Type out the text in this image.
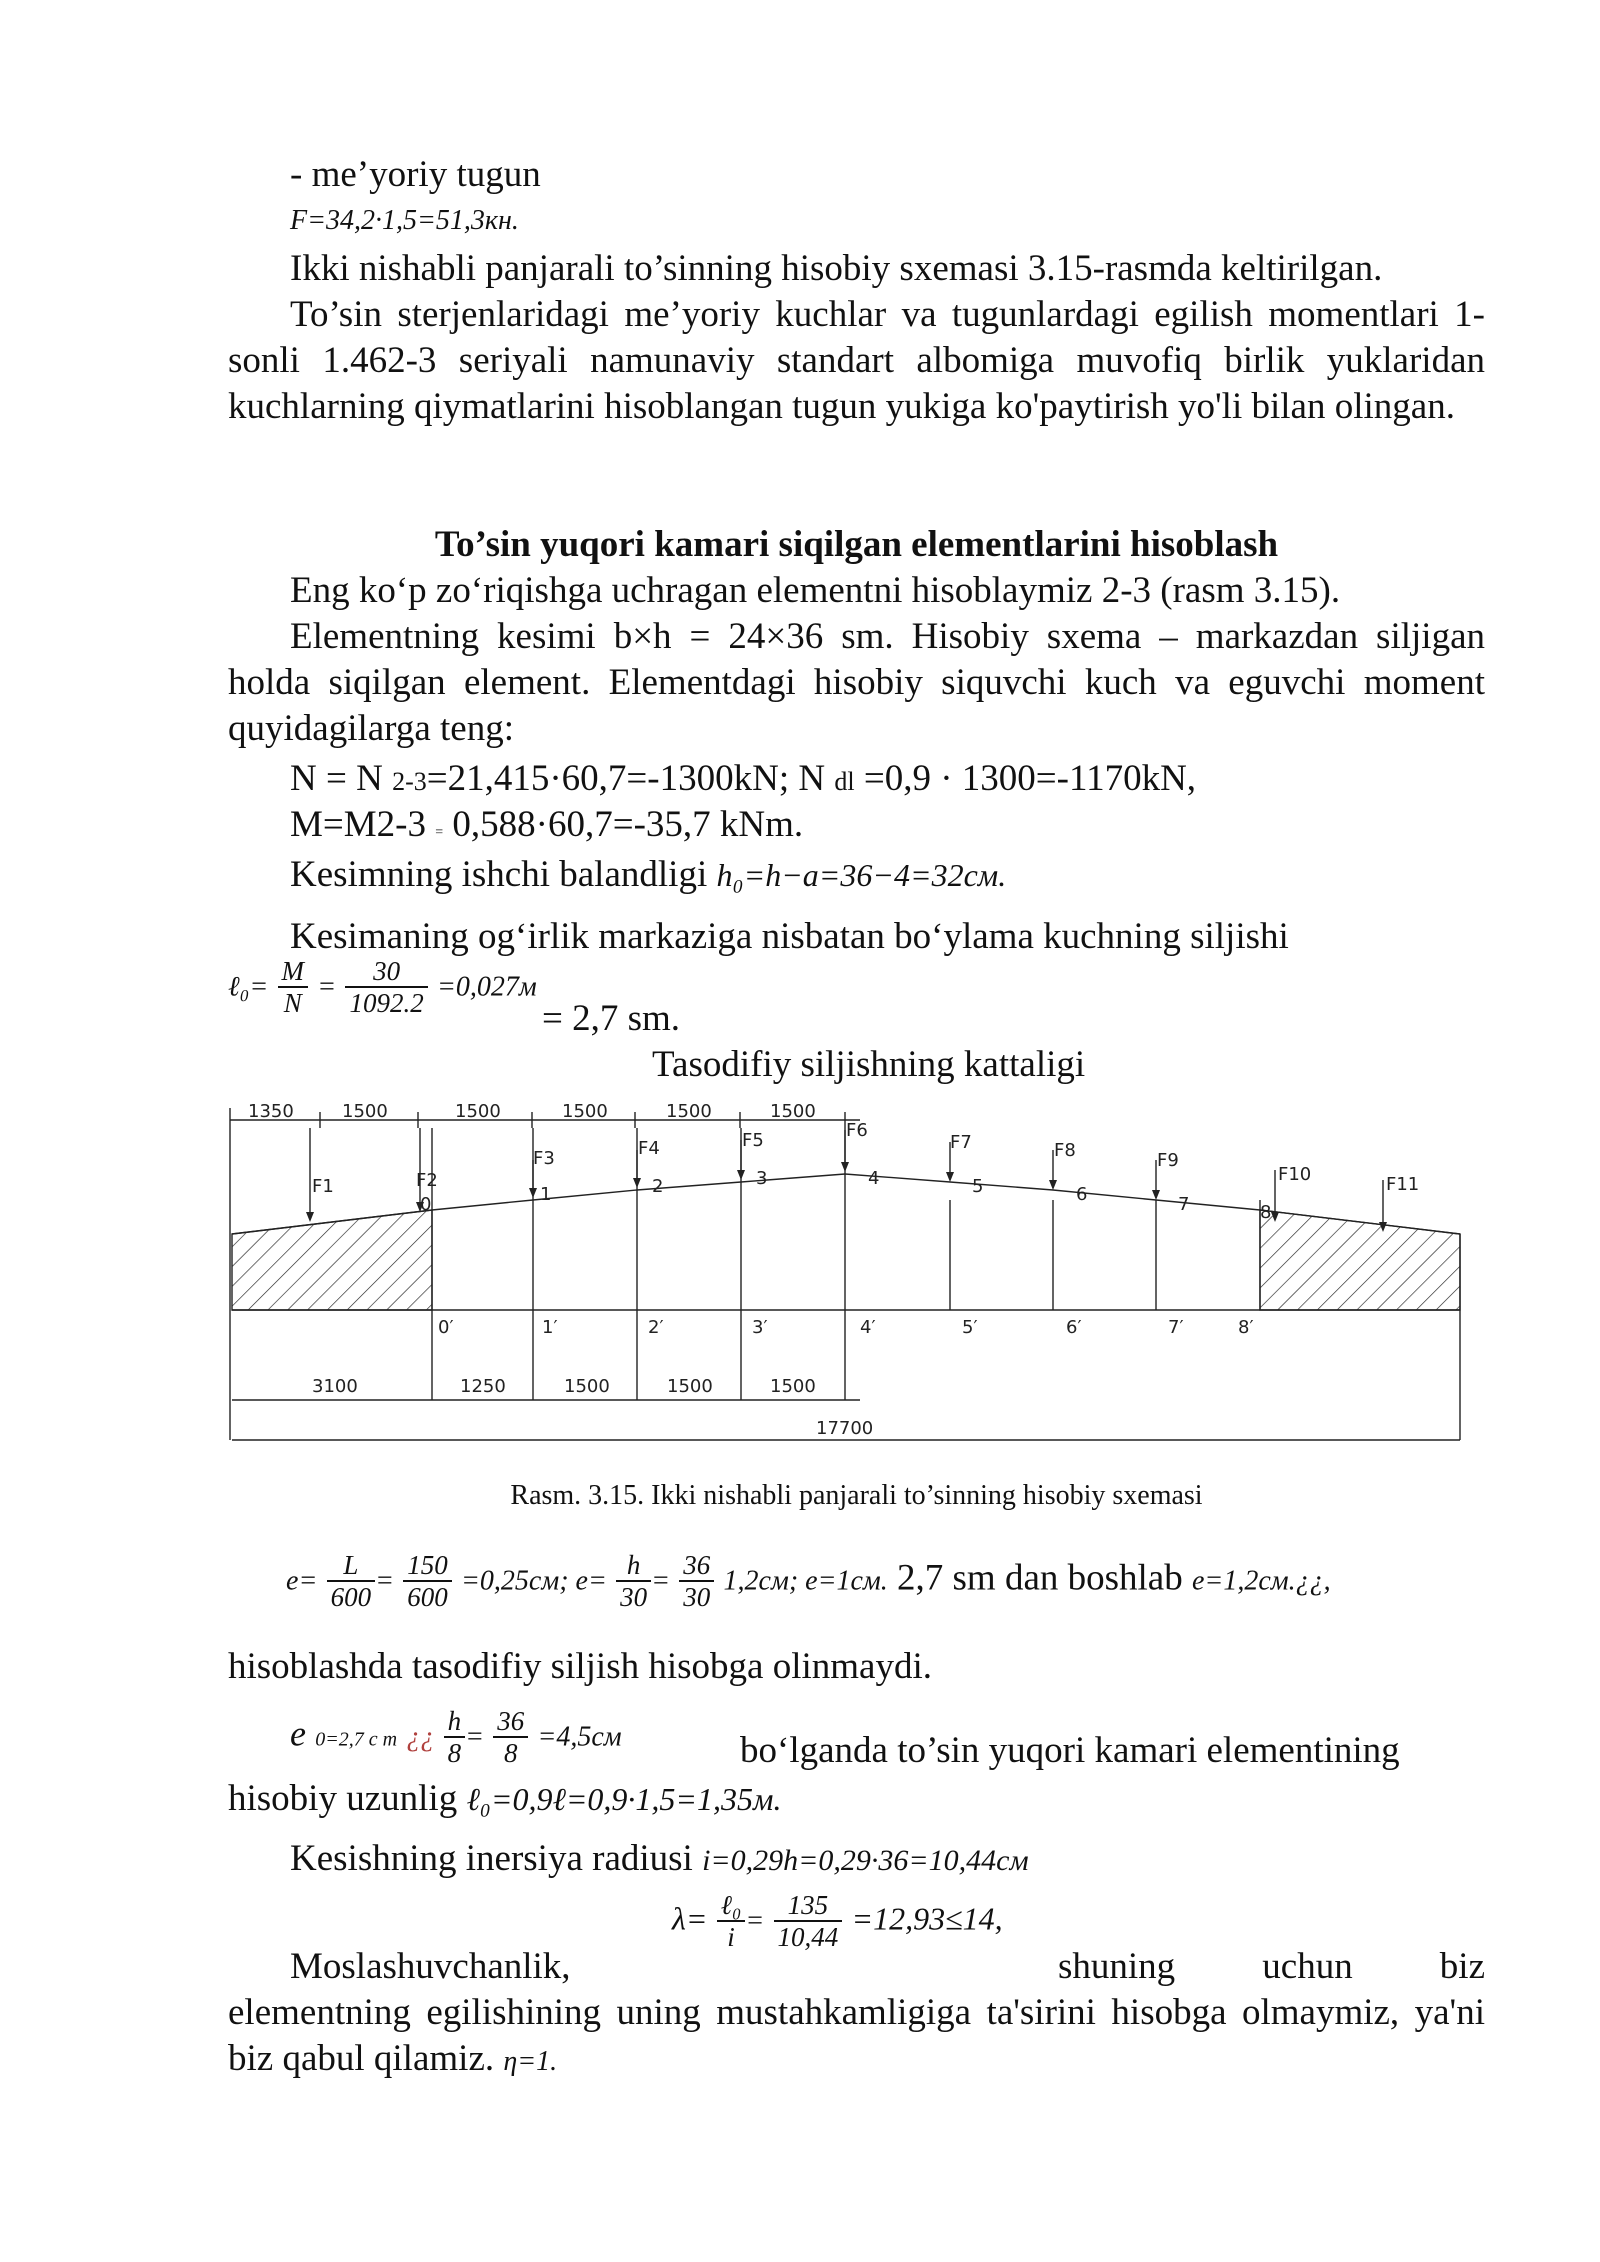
- me’yoriy tugun
F=34,2·1,5=51,3кн.
Ikki nishabli panjarali to’sinning hisobiy sxemasi 3.15-rasmda keltirilgan.
To’sin sterjenlaridagi me’yoriy kuchlar va tugunlardagi egilish momentlari 1-sonli 1.462-3 seriyali namunaviy standart albomiga muvofiq birlik yuklaridan kuchlarning qiymatlarini hisoblangan tugun yukiga ko'paytirish yo'li bilan olingan.
To’sin yuqori kamari siqilgan elementlarini hisoblash
Eng ko‘p zo‘riqishga uchragan elementni hisoblaymiz 2-3 (rasm 3.15).
Elementning kesimi b×h = 24×36 sm. Hisobiy sxema – markazdan siljigan holda siqilgan element. Elementdagi hisobiy siquvchi kuch va eguvchi moment quyidagilarga teng:
N = N 2-3=21,415·60,7=-1300kN; N dl =0,9 · 1300=-1170kN,
M=M2-3 = 0,588·60,7=-35,7 kNm.
Kesimning ishchi balandligi h₀=h−a=36−4=32см.
Kesimaning og‘irlik markaziga nisbatan bo‘ylama kuchning siljishi
ℓ₀= $\frac{M}{N} = \frac{30}{1092.2} =0,027м$
= 2,7 sm.
Tasodifiy siljishning kattaligi
1350	1500	1500	1500	1500	1500
F1	F2
F3	F4	F5	F6
F7	F8	F9
F10	F11
0	1	2	3	4	5	6	7	8
0′	1′	2′	3′	4′	5′	6′	7′	8′
3100	1250	1500	1500	1500
17700
Rasm. 3.15. Ikki nishabli panjarali to’sinning hisobiy sxemasi
$e= \frac{L}{600} = \frac{150}{600} =0,25см$; $e= \frac{h}{30} = \frac{36}{30} 1,2см$; e=1см. 2,7 sm dan boshlab e=1,2см.¿¿,
hisoblashda tasodifiy siljish hisobga olinmaydi.
e 0=2,7 c m ¿¿ $\frac{h}{8} = \frac{36}{8} =4,5см$	bo‘lganda to’sin yuqori kamari elementining
hisobiy uzunlig ℓ₀=0,9ℓ=0,9·1,5=1,35м.
Kesishning inersiya radiusi i=0,29h=0,29·36=10,44см
$\lambda= \frac{\text{ℓ₀}}{i} = \frac{135}{10,44} =12,93\le 14$,
Moslashuvchanlik,	shuning uchun biz
elementning egilishining uning mustahkamligiga ta'sirini hisobga olmaymiz, ya'ni biz qabul qilamiz. η=1.
